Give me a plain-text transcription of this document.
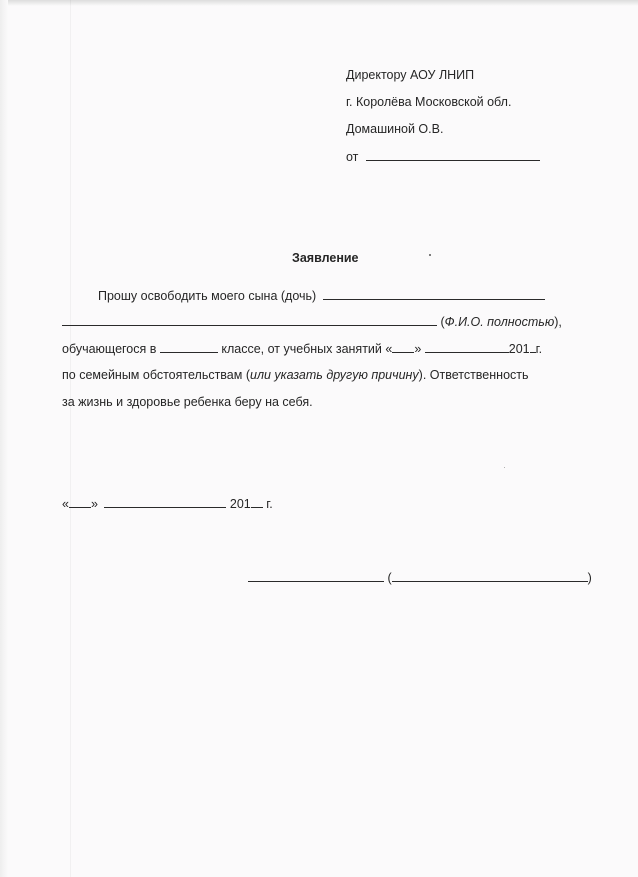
Директору АОУ ЛНИП
г. Королёва Московской обл.
Домашиной О.В.
от
Заявление
Прошу освободить моего сына (дочь)
(Ф.И.О. полностью),
обучающегося в	классе, от учебных занятий « »	201 г.
по семейным обстоятельствам (или указать другую причину). Ответственность
за жизнь и здоровье ребенка беру на себя.
« »	201 г.
(	)
